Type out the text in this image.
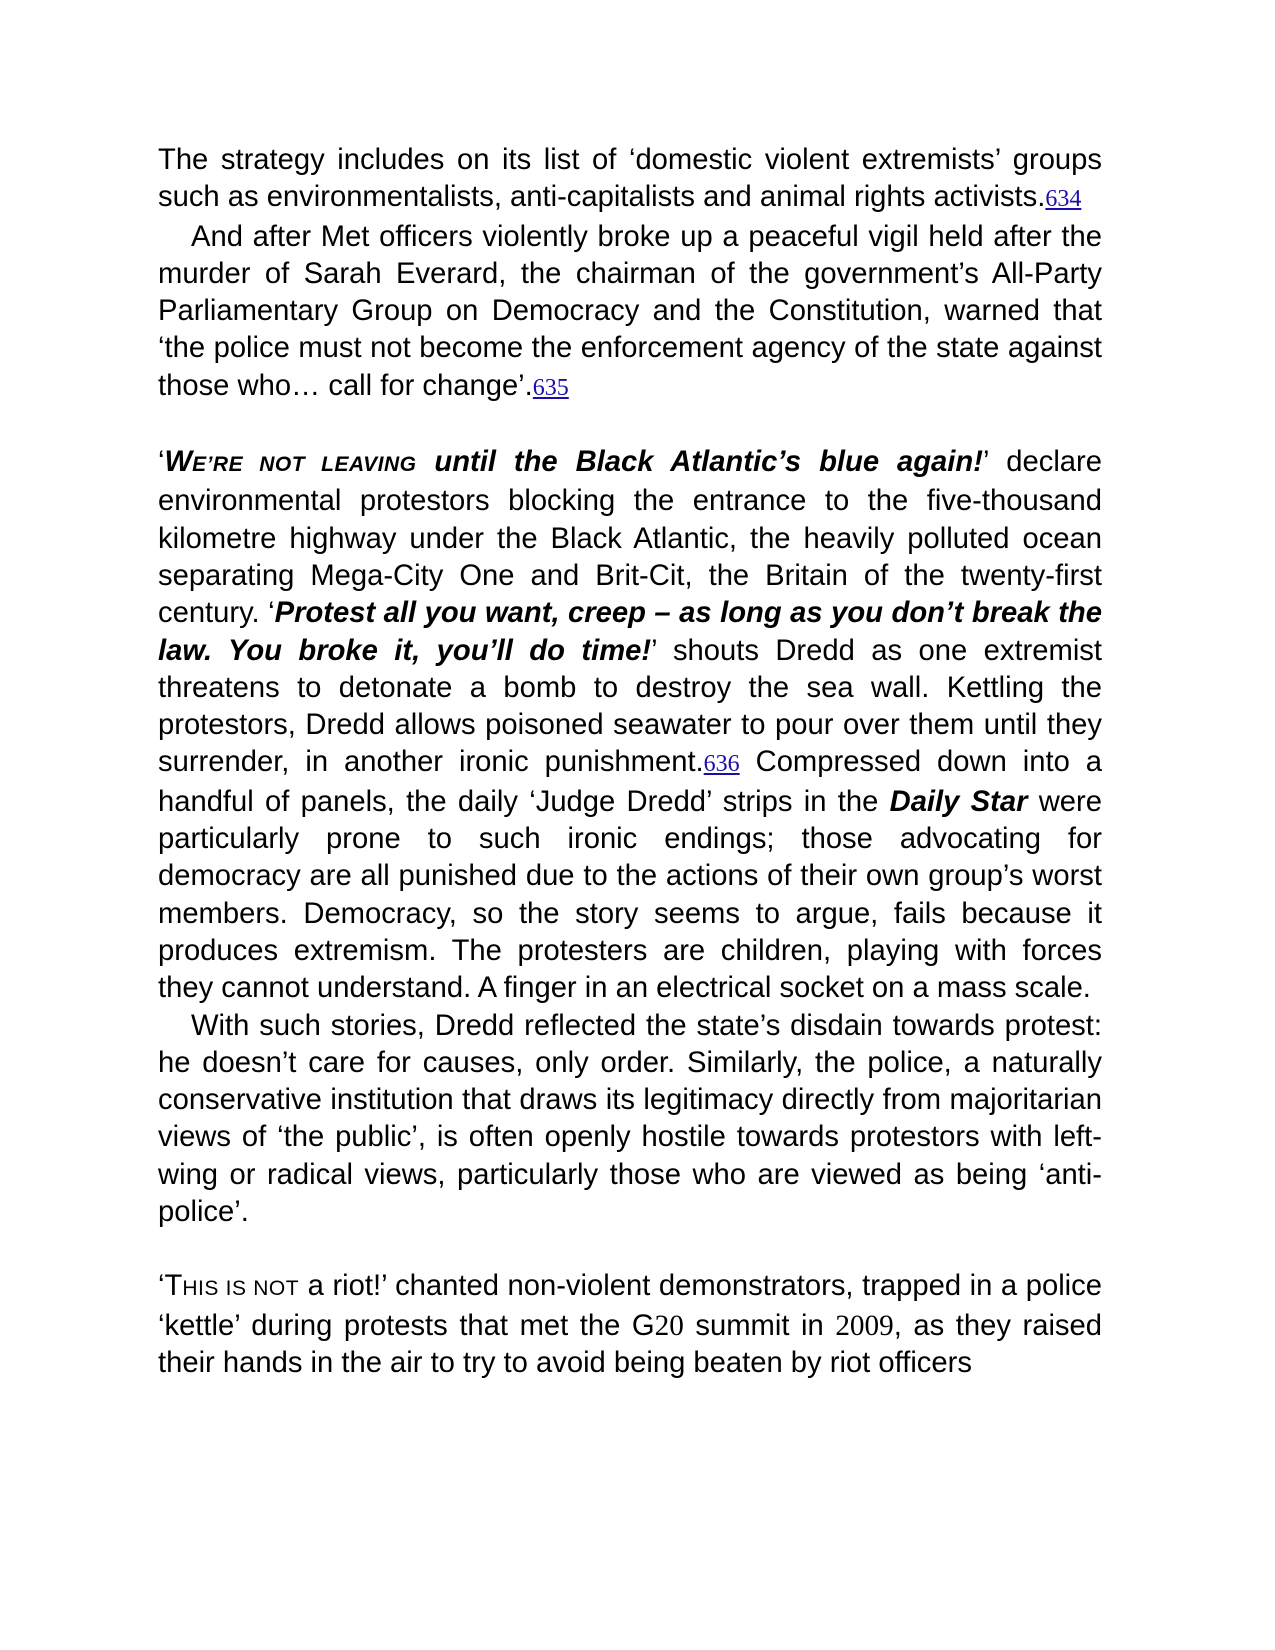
The strategy includes on its list of ‘domestic violent extremists’ groups such as environmentalists, anti-capitalists and animal rights activists.634

And after Met officers violently broke up a peaceful vigil held after the murder of Sarah Everard, the chairman of the government’s All-Party Parliamentary Group on Democracy and the Constitution, warned that ‘the police must not become the enforcement agency of the state against those who… call for change’.635

‘WE’RE NOT LEAVING until the Black Atlantic’s blue again!’ declare environmental protestors blocking the entrance to the five-thousand kilometre highway under the Black Atlantic, the heavily polluted ocean separating Mega-City One and Brit-Cit, the Britain of the twenty-first century. ‘Protest all you want, creep – as long as you don’t break the law. You broke it, you’ll do time!’ shouts Dredd as one extremist threatens to detonate a bomb to destroy the sea wall. Kettling the protestors, Dredd allows poisoned seawater to pour over them until they surrender, in another ironic punishment.636 Compressed down into a handful of panels, the daily ‘Judge Dredd’ strips in the Daily Star were particularly prone to such ironic endings; those advocating for democracy are all punished due to the actions of their own group’s worst members. Democracy, so the story seems to argue, fails because it produces extremism. The protesters are children, playing with forces they cannot understand. A finger in an electrical socket on a mass scale.

With such stories, Dredd reflected the state’s disdain towards protest: he doesn’t care for causes, only order. Similarly, the police, a naturally conservative institution that draws its legitimacy directly from majoritarian views of ‘the public’, is often openly hostile towards protestors with left-wing or radical views, particularly those who are viewed as being ‘anti-police’.

‘THIS IS NOT a riot!’ chanted non-violent demonstrators, trapped in a police ‘kettle’ during protests that met the G20 summit in 2009, as they raised their hands in the air to try to avoid being beaten by riot officers
